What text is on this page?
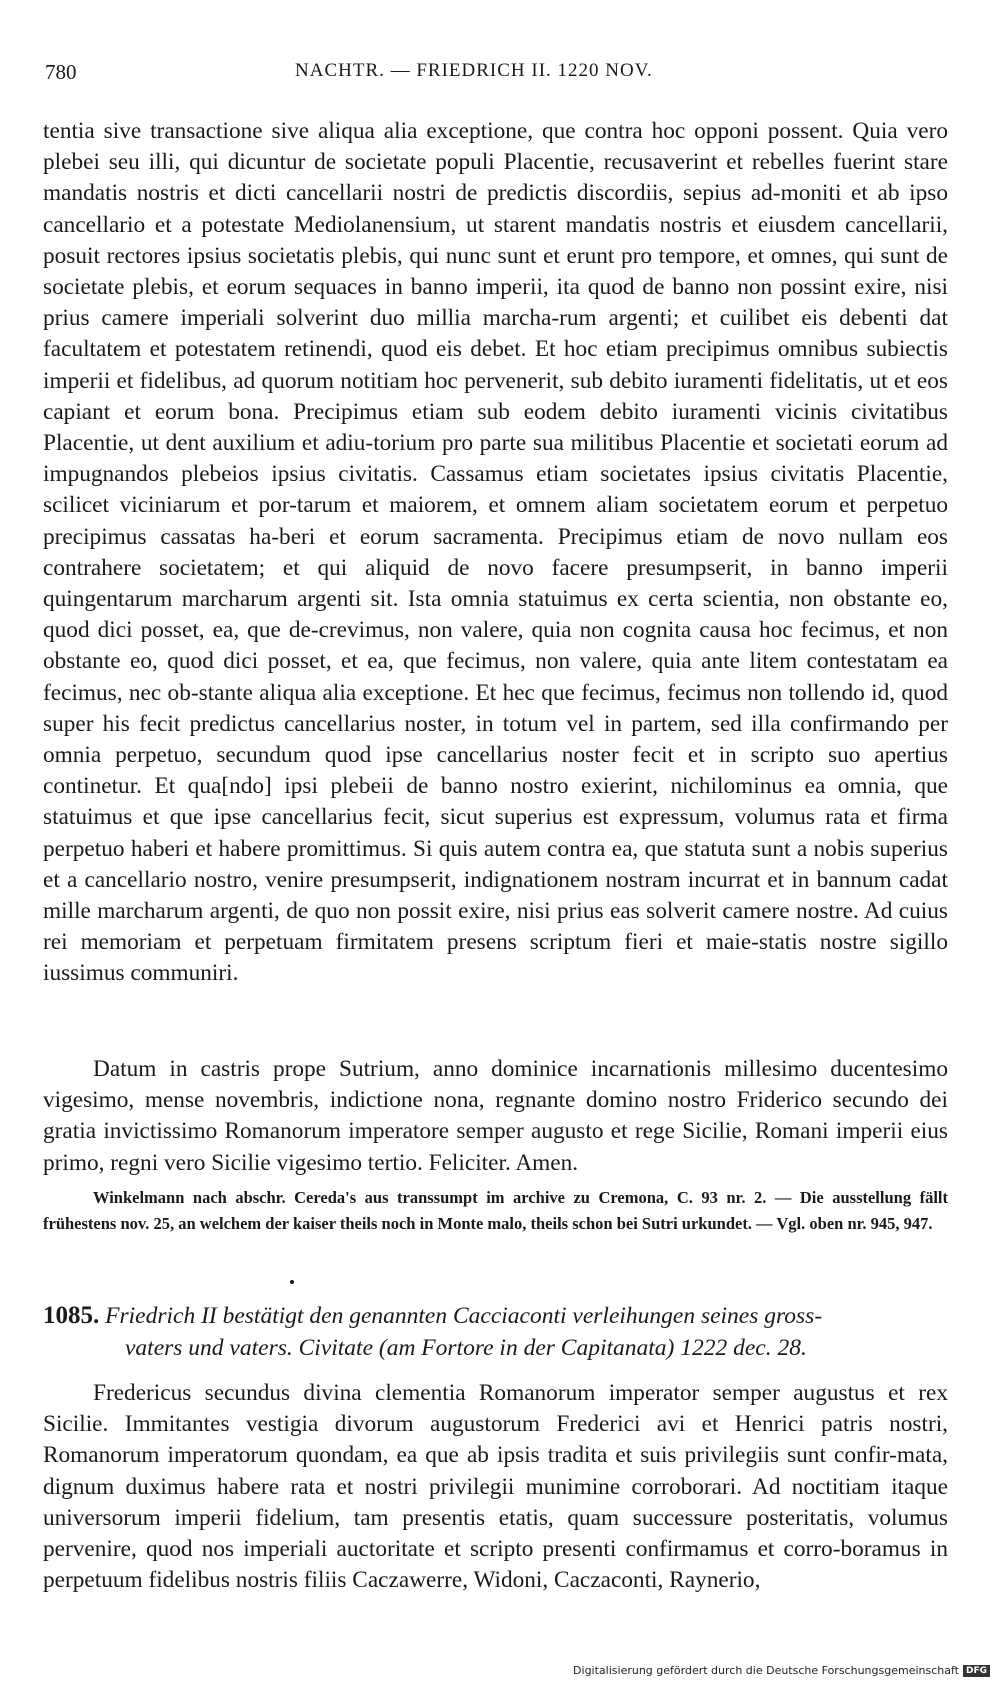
780	NACHTR. — FRIEDRICH II. 1220 NOV.

tentia sive transactione sive aliqua alia exceptione, que contra hoc opponi possent. Quia vero plebei seu illi, qui dicuntur de societate populi Placentie, recusaverint et rebelles fuerint stare mandatis nostris et dicti cancellarii nostri de predictis discordiis, sepius ad-moniti et ab ipso cancellario et a potestate Mediolanensium, ut starent mandatis nostris et eiusdem cancellarii, posuit rectores ipsius societatis plebis, qui nunc sunt et erunt pro tempore, et omnes, qui sunt de societate plebis, et eorum sequaces in banno imperii, ita quod de banno non possint exire, nisi prius camere imperiali solverint duo millia marcha-rum argenti; et cuilibet eis debenti dat facultatem et potestatem retinendi, quod eis debet. Et hoc etiam precipimus omnibus subiectis imperii et fidelibus, ad quorum notitiam hoc pervenerit, sub debito iuramenti fidelitatis, ut et eos capiant et eorum bona. Precipimus etiam sub eodem debito iuramenti vicinis civitatibus Placentie, ut dent auxilium et adiu-torium pro parte sua militibus Placentie et societati eorum ad impugnandos plebeios ipsius civitatis. Cassamus etiam societates ipsius civitatis Placentie, scilicet viciniarum et por-tarum et maiorem, et omnem aliam societatem eorum et perpetuo precipimus cassatas ha-beri et eorum sacramenta. Precipimus etiam de novo nullam eos contrahere societatem; et qui aliquid de novo facere presumpserit, in banno imperii quingentarum marcharum argenti sit. Ista omnia statuimus ex certa scientia, non obstante eo, quod dici posset, ea, que de-crevimus, non valere, quia non cognita causa hoc fecimus, et non obstante eo, quod dici posset, et ea, que fecimus, non valere, quia ante litem contestatam ea fecimus, nec ob-stante aliqua alia exceptione. Et hec que fecimus, fecimus non tollendo id, quod super his fecit predictus cancellarius noster, in totum vel in partem, sed illa confirmando per omnia perpetuo, secundum quod ipse cancellarius noster fecit et in scripto suo apertius continetur. Et qua[ndo] ipsi plebeii de banno nostro exierint, nichilominus ea omnia, que statuimus et que ipse cancellarius fecit, sicut superius est expressum, volumus rata et firma perpetuo haberi et habere promittimus. Si quis autem contra ea, que statuta sunt a nobis superius et a cancellario nostro, venire presumpserit, indignationem nostram incurrat et in bannum cadat mille marcharum argenti, de quo non possit exire, nisi prius eas solverit camere nostre. Ad cuius rei memoriam et perpetuam firmitatem presens scriptum fieri et maie-statis nostre sigillo iussimus communiri.

Datum in castris prope Sutrium, anno dominice incarnationis millesimo ducentesimo vigesimo, mense novembris, indictione nona, regnante domino nostro Friderico secundo dei gratia invictissimo Romanorum imperatore semper augusto et rege Sicilie, Romani imperii eius primo, regni vero Sicilie vigesimo tertio. Feliciter. Amen.

Winkelmann nach abschr. Cereda's aus transsumpt im archive zu Cremona, C. 93 nr. 2. — Die ausstellung fällt frühestens nov. 25, an welchem der kaiser theils noch in Monte malo, theils schon bei Sutri urkundet. — Vgl. oben nr. 945, 947.

1085. Friedrich II bestätigt den genannten Cacciaconti verleihungen seines gross-
vaters und vaters. Civitate (am Fortore in der Capitanata) 1222 dec. 28.

Fredericus secundus divina clementia Romanorum imperator semper augustus et rex Sicilie. Immitantes vestigia divorum augustorum Frederici avi et Henrici patris nostri, Romanorum imperatorum quondam, ea que ab ipsis tradita et suis privilegiis sunt confir-mata, dignum duximus habere rata et nostri privilegii munimine corroborari. Ad noctitiam itaque universorum imperii fidelium, tam presentis etatis, quam successure posteritatis, volumus pervenire, quod nos imperiali auctoritate et scripto presenti confirmamus et corro-boramus in perpetuum fidelibus nostris filiis Caczawerre, Widoni, Caczaconti, Raynerio,

Digitalisierung gefördert durch die Deutsche Forschungsgemeinschaft DFG
